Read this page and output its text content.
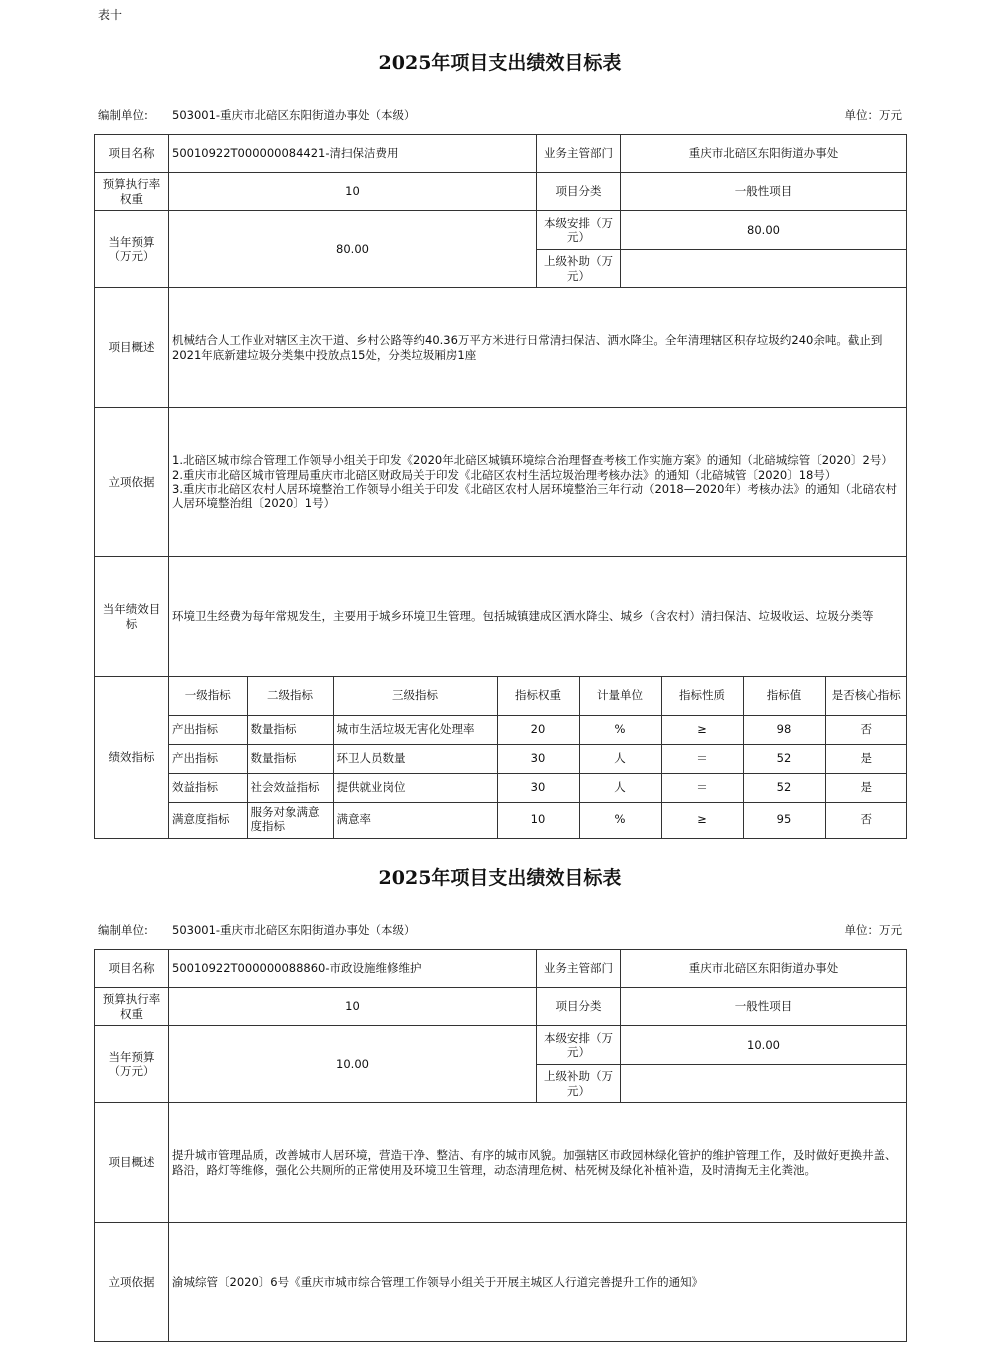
表十
2025年项目支出绩效目标表
编制单位: 503001-重庆市北碚区东阳街道办事处（本级）	单位：万元
项目名称	50010922T000000084421-清扫保洁费用	业务主管部门	重庆市北碚区东阳街道办事处
预算执行率权重	10	项目分类	一般性项目
当年预算（万元）	80.00	本级安排（万元）	80.00
上级补助（万元）	
项目概述	机械结合人工作业对辖区主次干道、乡村公路等约40.36万平方米进行日常清扫保洁、洒水降尘。全年清理辖区积存垃圾约240余吨。截止到2021年底新建垃圾分类集中投放点15处，分类垃圾厢房1座
立项依据	1.北碚区城市综合管理工作领导小组关于印发《2020年北碚区城镇环境综合治理督查考核工作实施方案》的通知（北碚城综管〔2020〕2号）
2.重庆市北碚区城市管理局重庆市北碚区财政局关于印发《北碚区农村生活垃圾治理考核办法》的通知（北碚城管〔2020〕18号）
3.重庆市北碚区农村人居环境整治工作领导小组关于印发《北碚区农村人居环境整治三年行动（2018—2020年）考核办法》的通知（北碚农村人居环境整治组〔2020〕1号）
当年绩效目标	环境卫生经费为每年常规发生，主要用于城乡环境卫生管理。包括城镇建成区洒水降尘、城乡（含农村）清扫保洁、垃圾收运、垃圾分类等
绩效指标	
一级指标	二级指标	三级指标	指标权重	计量单位	指标性质	指标值	是否核心指标
产出指标	数量指标	城市生活垃圾无害化处理率	20	%	≥	98	否
产出指标	数量指标	环卫人员数量	30	人	＝	52	是
效益指标	社会效益指标	提供就业岗位	30	人	＝	52	是
满意度指标	服务对象满意度指标	满意率	10	%	≥	95	否
2025年项目支出绩效目标表
编制单位: 503001-重庆市北碚区东阳街道办事处（本级）	单位：万元
项目名称	50010922T000000088860-市政设施维修维护	业务主管部门	重庆市北碚区东阳街道办事处
预算执行率权重	10	项目分类	一般性项目
当年预算（万元）	10.00	本级安排（万元）	10.00
		上级补助（万元）	
项目概述	提升城市管理品质，改善城市人居环境，营造干净、整洁、有序的城市风貌。加强辖区市政园林绿化管护的维护管理工作，及时做好更换井盖、路沿，路灯等维修，强化公共厕所的正常使用及环境卫生管理，动态清理危树、枯死树及绿化补植补造，及时清掏无主化粪池。		
立项依据	渝城综管〔2020〕6号《重庆市城市综合管理工作领导小组关于开展主城区人行道完善提升工作的通知》		
